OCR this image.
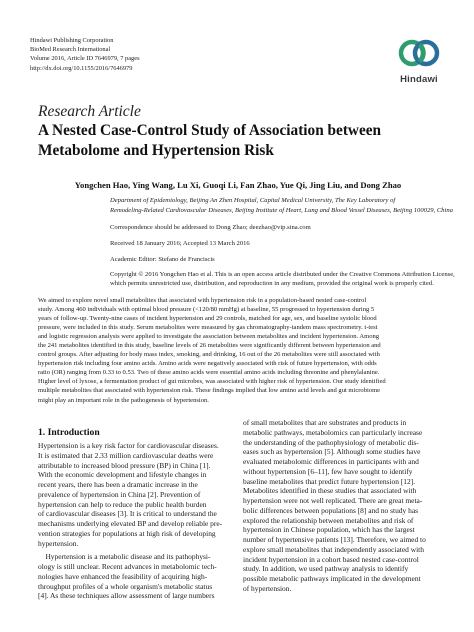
Hindawi Publishing Corporation
BioMed Research International
Volume 2016, Article ID 7646979, 7 pages
http://dx.doi.org/10.1155/2016/7646979
Hindawi
Research Article
A Nested Case-Control Study of Association between
Metabolome and Hypertension Risk
Yongchen Hao, Ying Wang, Lu Xi, Guoqi Li, Fan Zhao, Yue Qi, Jing Liu, and Dong Zhao
Department of Epidemiology, Beijing An Zhen Hospital, Capital Medical University, The Key Laboratory of
Remodeling-Related Cardiovascular Diseases, Beijing Institute of Heart, Lung and Blood Vessel Diseases, Beijing 100029, China
Correspondence should be addressed to Dong Zhao; deezhao@vip.sina.com
Received 18 January 2016; Accepted 13 March 2016
Academic Editor: Stefano de Franciscis
Copyright © 2016 Yongchen Hao et al. This is an open access article distributed under the Creative Commons Attribution License,
which permits unrestricted use, distribution, and reproduction in any medium, provided the original work is properly cited.
We aimed to explore novel small metabolites that associated with hypertension risk in a population-based nested case-control
study. Among 460 individuals with optimal blood pressure (<120/80 mmHg) at baseline, 55 progressed to hypertension during 5
years of follow-up. Twenty-nine cases of incident hypertension and 29 controls, matched for age, sex, and baseline systolic blood
pressure, were included in this study. Serum metabolites were measured by gas chromatography-tandem mass spectrometry. t-test
and logistic regression analysis were applied to investigate the association between metabolites and incident hypertension. Among
the 241 metabolites identified in this study, baseline levels of 26 metabolites were significantly different between hypertension and
control groups. After adjusting for body mass index, smoking, and drinking, 16 out of the 26 metabolites were still associated with
hypertension risk including four amino acids. Amino acids were negatively associated with risk of future hypertension, with odds
ratio (OR) ranging from 0.33 to 0.53. Two of these amino acids were essential amino acids including threonine and phenylalanine.
Higher level of lyxose, a fermentation product of gut microbes, was associated with higher risk of hypertension. Our study identified
multiple metabolites that associated with hypertension risk. These findings implied that low amino acid levels and gut microbiome
might play an important role in the pathogenesis of hypertension.
1. Introduction
Hypertension is a key risk factor for cardiovascular diseases.
It is estimated that 2.33 million cardiovascular deaths were
attributable to increased blood pressure (BP) in China [1].
With the economic development and lifestyle changes in
recent years, there has been a dramatic increase in the
prevalence of hypertension in China [2]. Prevention of
hypertension can help to reduce the public health burden
of cardiovascular diseases [3]. It is critical to understand the
mechanisms underlying elevated BP and develop reliable pre-
vention strategies for populations at high risk of developing
hypertension.
Hypertension is a metabolic disease and its pathophysi-
ology is still unclear. Recent advances in metabolomic tech-
nologies have enhanced the feasibility of acquiring high-
throughput profiles of a whole organism's metabolic status
[4]. As these techniques allow assessment of large numbers
of small metabolites that are substrates and products in
metabolic pathways, metabolomics can particularly increase
the understanding of the pathophysiology of metabolic dis-
eases such as hypertension [5]. Although some studies have
evaluated metabolomic differences in participants with and
without hypertension [6–11], few have sought to identify
baseline metabolites that predict future hypertension [12].
Metabolites identified in these studies that associated with
hypertension were not well replicated. There are great meta-
bolic differences between populations [8] and no study has
explored the relationship between metabolites and risk of
hypertension in Chinese population, which has the largest
number of hypertensive patients [13]. Therefore, we aimed to
explore small metabolites that independently associated with
incident hypertension in a cohort based nested case-control
study. In addition, we used pathway analysis to identify
possible metabolic pathways implicated in the development
of hypertension.
